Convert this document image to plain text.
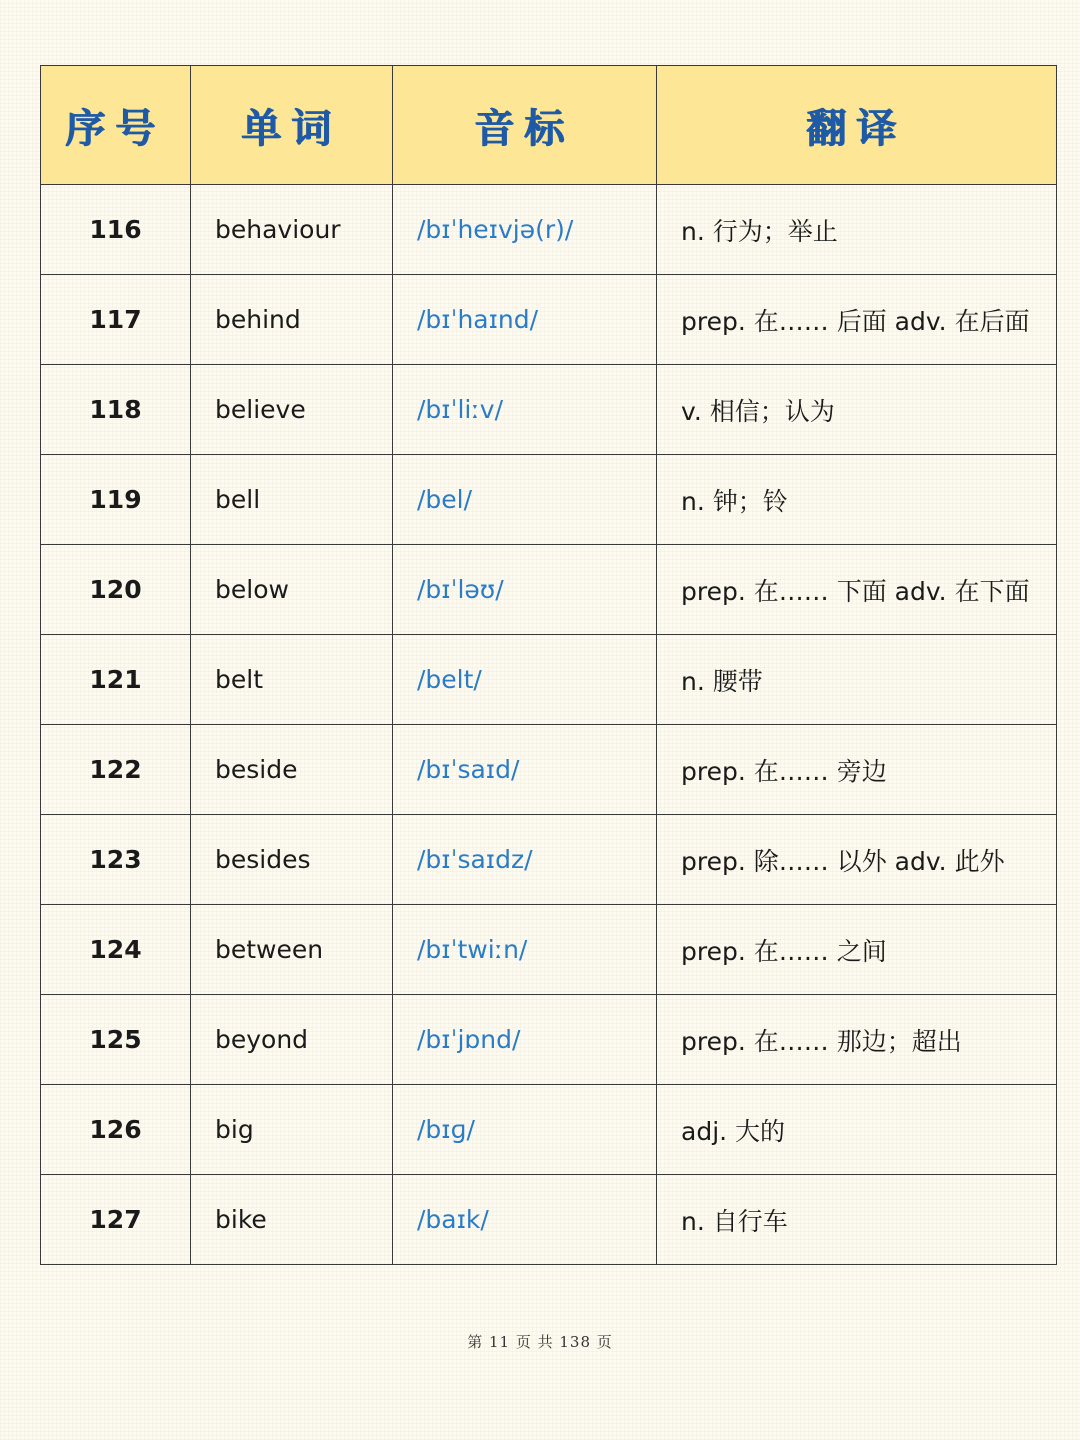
序号	单词	音标	翻译
116	behaviour	/bɪˈheɪvjə(r)/	n. 行为；举止
117	behind	/bɪˈhaɪnd/	prep. 在…… 后面 adv. 在后面
118	believe	/bɪˈliːv/	v. 相信；认为
119	bell	/bel/	n. 钟；铃
120	below	/bɪˈləʊ/	prep. 在…… 下面 adv. 在下面
121	belt	/belt/	n. 腰带
122	beside	/bɪˈsaɪd/	prep. 在…… 旁边
123	besides	/bɪˈsaɪdz/	prep. 除…… 以外 adv. 此外
124	between	/bɪˈtwiːn/	prep. 在…… 之间
125	beyond	/bɪˈjɒnd/	prep. 在…… 那边；超出
126	big	/bɪɡ/	adj. 大的
127	bike	/baɪk/	n. 自行车
第 11 页 共 138 页
